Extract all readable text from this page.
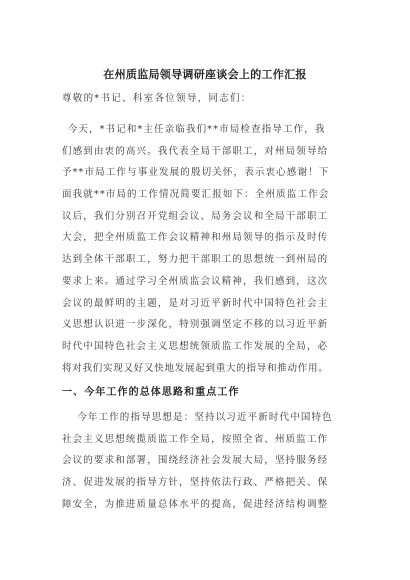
在州质监局领导调研座谈会上的工作汇报
尊敬的*书记、科室各位领导，同志们：
今天，*书记和*主任亲临我们**市局检查指导工作，我
们感到由衷的高兴。我代表全局干部职工，对州局领导给
予**市局工作与事业发展的殷切关怀，表示衷心感谢！下
面我就**市局的工作情况简要汇报如下：全州质监工作会
议后，我们分别召开党组会议、局务会议和全局干部职工
大会，把全州质监工作会议精神和州局领导的指示及时传
达到全体干部职工，努力把干部职工的思想统一到州局的
要求上来。通过学习全州质监会议精神，我们感到，这次
会议的最鲜明的主题，是对习近平新时代中国特色社会主
义思想认识进一步深化，特别强调坚定不移的以习近平新
时代中国特色社会主义思想统领质监工作发展的全局，必
将对我们实现又好又快地发展起到重大的指导和推动作用。
一、今年工作的总体思路和重点工作
今年工作的指导思想是：坚持以习近平新时代中国特色
社会主义思想统揽质监工作全局，按照全省、州质监工作
会议的要求和部署，围绕经济社会发展大局，坚持服务经
济、促进发展的指导方针，坚持依法行政、严格把关、保
障安全，为推进质量总体水平的提高，促进经济结构调整
